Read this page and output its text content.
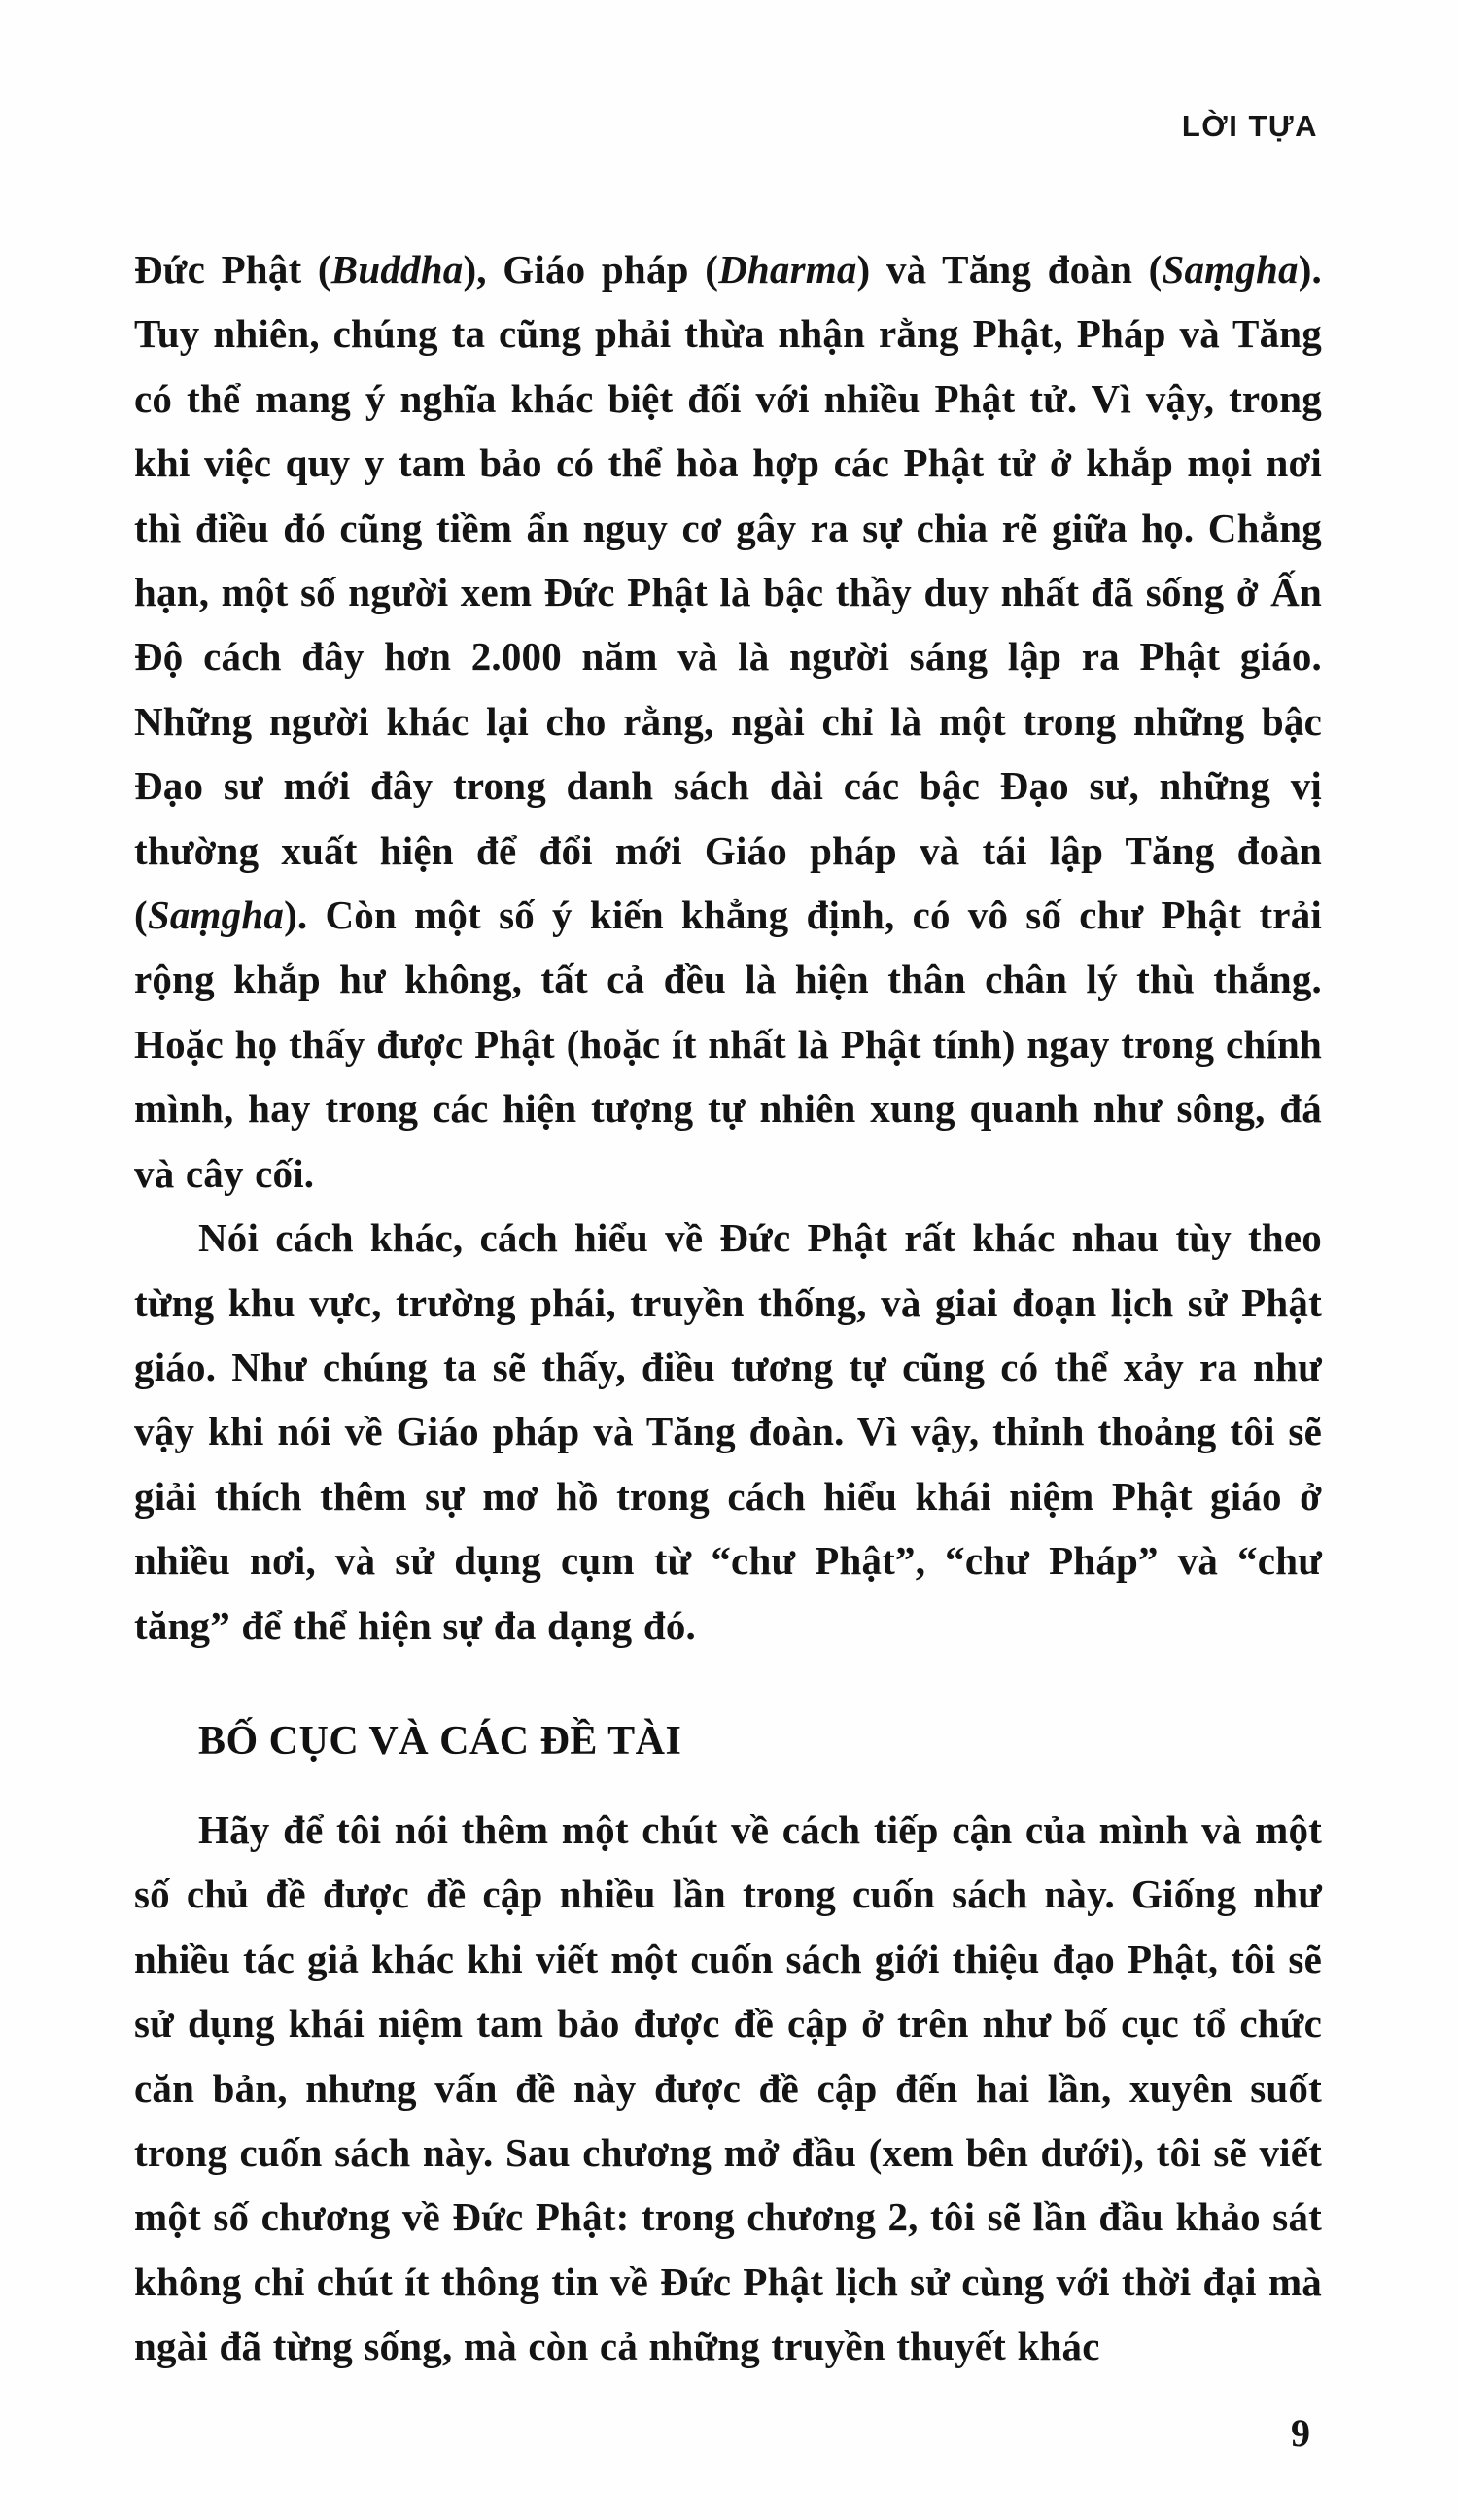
LỜI TỰA

Đức Phật (Buddha), Giáo pháp (Dharma) và Tăng đoàn (Saṃgha). Tuy nhiên, chúng ta cũng phải thừa nhận rằng Phật, Pháp và Tăng có thể mang ý nghĩa khác biệt đối với nhiều Phật tử. Vì vậy, trong khi việc quy y tam bảo có thể hòa hợp các Phật tử ở khắp mọi nơi thì điều đó cũng tiềm ẩn nguy cơ gây ra sự chia rẽ giữa họ. Chẳng hạn, một số người xem Đức Phật là bậc thầy duy nhất đã sống ở Ấn Độ cách đây hơn 2.000 năm và là người sáng lập ra Phật giáo. Những người khác lại cho rằng, ngài chỉ là một trong những bậc Đạo sư mới đây trong danh sách dài các bậc Đạo sư, những vị thường xuất hiện để đổi mới Giáo pháp và tái lập Tăng đoàn (Saṃgha). Còn một số ý kiến khẳng định, có vô số chư Phật trải rộng khắp hư không, tất cả đều là hiện thân chân lý thù thắng. Hoặc họ thấy được Phật (hoặc ít nhất là Phật tính) ngay trong chính mình, hay trong các hiện tượng tự nhiên xung quanh như sông, đá và cây cối.

Nói cách khác, cách hiểu về Đức Phật rất khác nhau tùy theo từng khu vực, trường phái, truyền thống, và giai đoạn lịch sử Phật giáo. Như chúng ta sẽ thấy, điều tương tự cũng có thể xảy ra như vậy khi nói về Giáo pháp và Tăng đoàn. Vì vậy, thỉnh thoảng tôi sẽ giải thích thêm sự mơ hồ trong cách hiểu khái niệm Phật giáo ở nhiều nơi, và sử dụng cụm từ “chư Phật”, “chư Pháp” và “chư tăng” để thể hiện sự đa dạng đó.

BỐ CỤC VÀ CÁC ĐỀ TÀI

Hãy để tôi nói thêm một chút về cách tiếp cận của mình và một số chủ đề được đề cập nhiều lần trong cuốn sách này. Giống như nhiều tác giả khác khi viết một cuốn sách giới thiệu đạo Phật, tôi sẽ sử dụng khái niệm tam bảo được đề cập ở trên như bố cục tổ chức căn bản, nhưng vấn đề này được đề cập đến hai lần, xuyên suốt trong cuốn sách này. Sau chương mở đầu (xem bên dưới), tôi sẽ viết một số chương về Đức Phật: trong chương 2, tôi sẽ lần đầu khảo sát không chỉ chút ít thông tin về Đức Phật lịch sử cùng với thời đại mà ngài đã từng sống, mà còn cả những truyền thuyết khác

9
